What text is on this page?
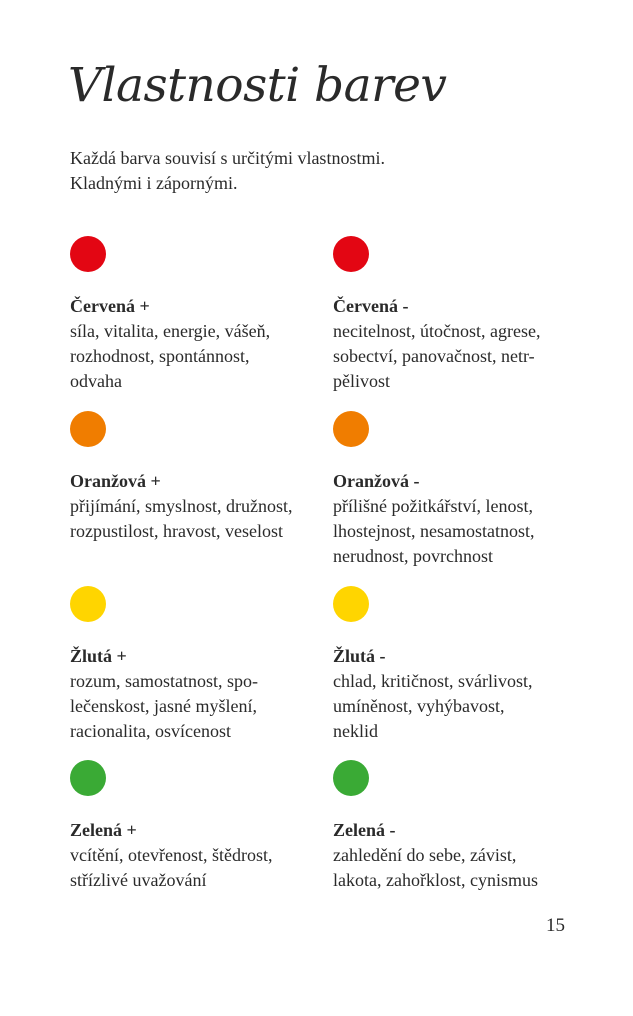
Vlastnosti barev
Každá barva souvisí s určitými vlastnostmi.
Kladnými i zápornými.
Červená +
síla, vitalita, energie, vášeň,
rozhodnost, spontánnost,
odvaha
Červená -
necitelnost, útočnost, agrese,
sobectví, panovačnost, netr-
pělivost
Oranžová +
přijímání, smyslnost, družnost,
rozpustilost, hravost, veselost
Oranžová -
přílišné požitkářství, lenost,
lhostejnost, nesamostatnost,
nerudnost, povrchnost
Žlutá +
rozum, samostatnost, spo-
lečenskost, jasné myšlení,
racionalita, osvícenost
Žlutá -
chlad, kritičnost, svárlivost,
umíněnost, vyhýbavost,
neklid
Zelená +
vcítění, otevřenost, štědrost,
střízlivé uvažování
Zelená -
zahledění do sebe, závist,
lakota, zahořklost, cynismus
15
